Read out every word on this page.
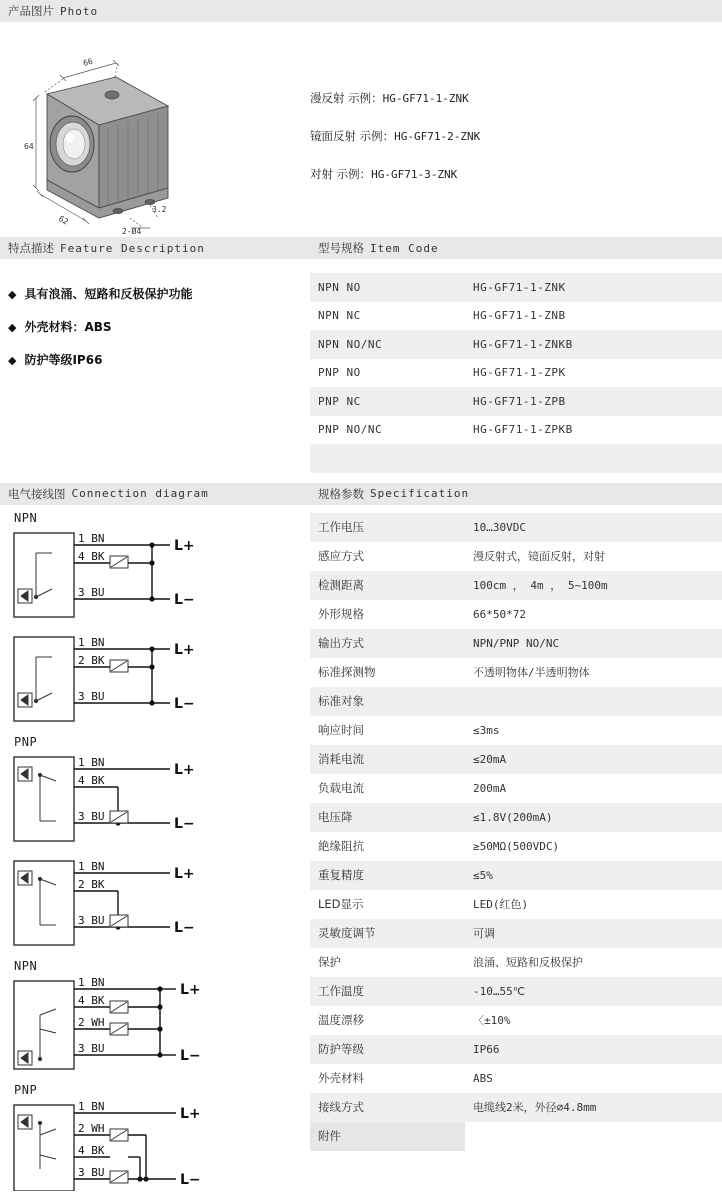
产品图片 Photo
66
64
62
2-Ø4
3.2
漫反射 示例：HG-GF71-1-ZNK
镜面反射 示例：HG-GF71-2-ZNK
对射 示例：HG-GF71-3-ZNK
特点描述 Feature Description	型号规格 Item Code
◆ 具有浪涌、短路和反极保护功能
◆ 外壳材料：ABS
◆ 防护等级IP66
NPN NO	HG-GF71-1-ZNK
NPN NC	HG-GF71-1-ZNB
NPN NO/NC	HG-GF71-1-ZNKB
PNP NO	HG-GF71-1-ZPK
PNP NC	HG-GF71-1-ZPB
PNP NO/NC	HG-GF71-1-ZPKB

电气接线图 Connection diagram	规格参数 Specification
NPN
1 BN
4 BK
3 BU
L+
L−
1 BN
2 BK
3 BU
L+
L−
PNP
1 BN
4 BK
3 BU
L+
L−
1 BN
2 BK
3 BU
L+
L−
NPN
1 BN
4 BK
2 WH
3 BU
L+
L−
PNP
1 BN
2 WH
4 BK
3 BU
L+
L−
工作电压	10…30VDC
感应方式	漫反射式，镜面反射，对射
检测距离	100cm ， 4m ， 5~100m
外形规格	66*50*72
输出方式	NPN/PNP NO/NC
标准探测物	不透明物体/半透明物体
标准对象	
响应时间	≤3ms
消耗电流	≤20mA
负载电流	200mA
电压降	≤1.8V(200mA)
絶缘阻抗	≥50MΩ(500VDC)
重复精度	≤5%
LED显示	LED(红色)
灵敏度调节	可调
保护	浪涌、短路和反极保护
工作温度	-10…55℃
温度漂移	〈±10%
防护等级	IP66
外壳材料	ABS
接线方式	电缆线2米，外径∅4.8mm
附件	
